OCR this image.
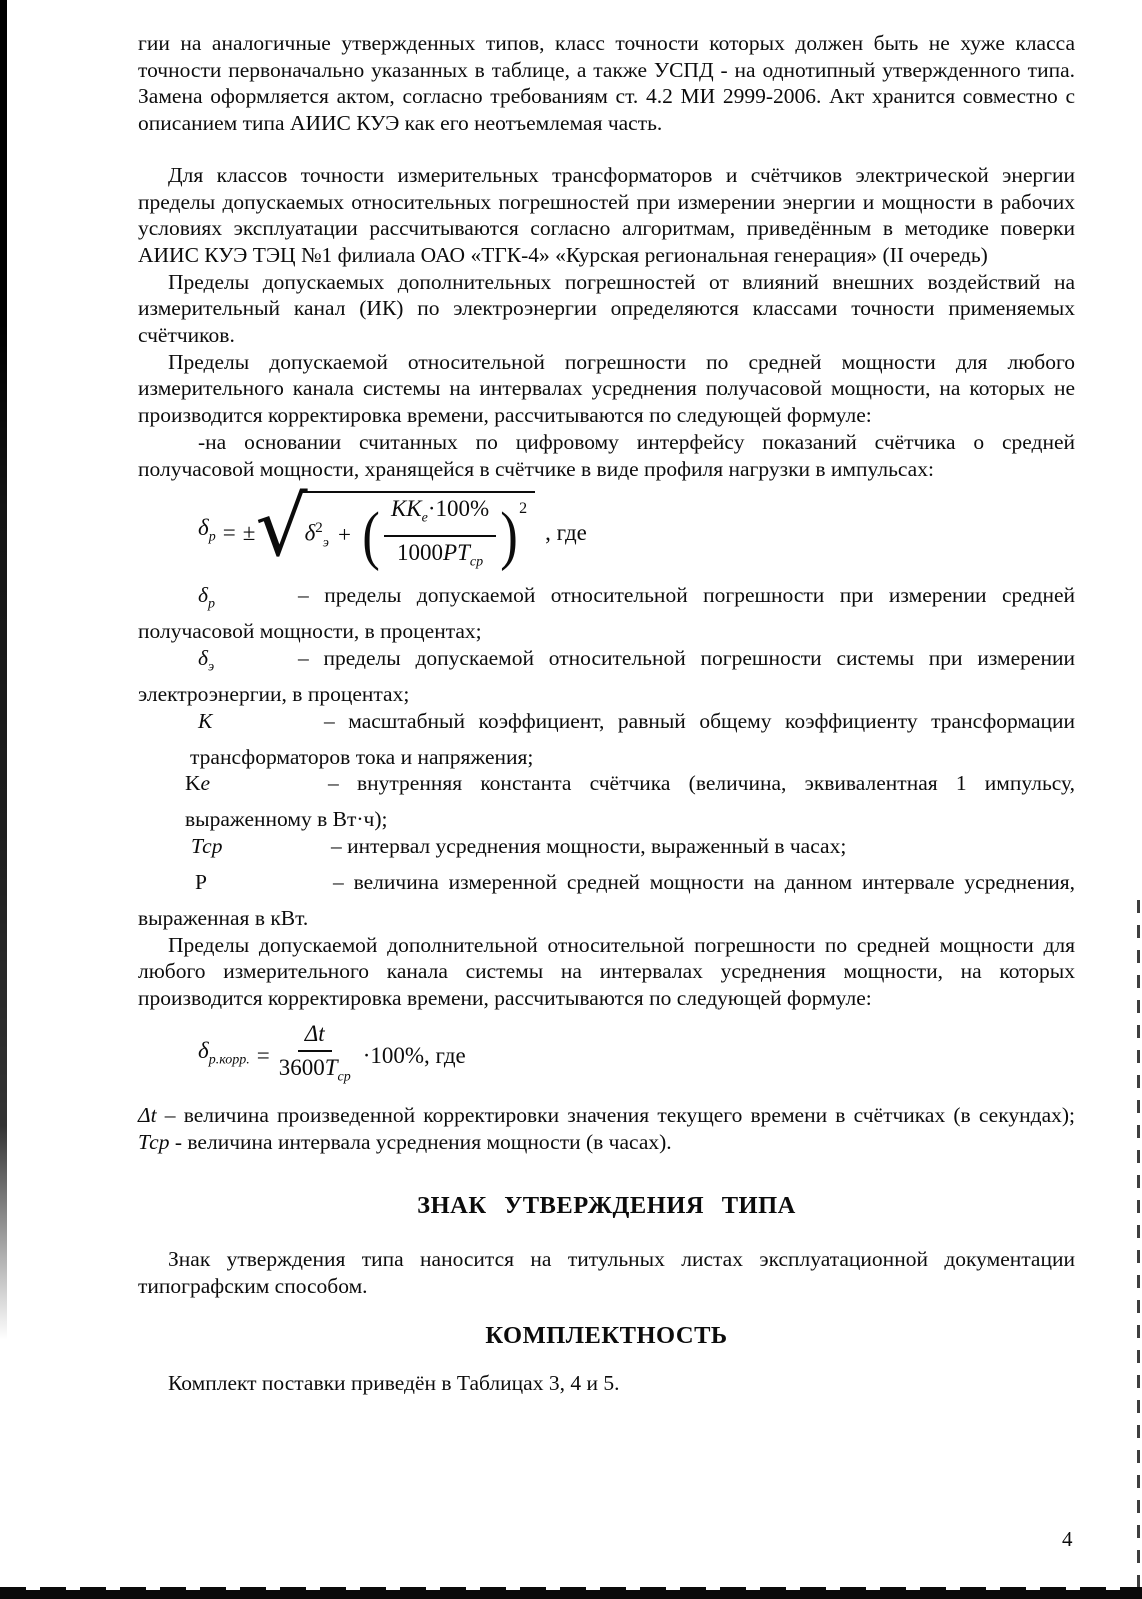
гии на аналогичные утвержденных типов, класс точности которых должен быть не хуже класса точности первоначально указанных в таблице, а также УСПД - на однотипный утвержденного типа. Замена оформляется актом, согласно требованиям ст. 4.2 МИ 2999-2006. Акт хранится совместно с описанием типа АИИС КУЭ как его неотъемлемая часть.

Для классов точности измерительных трансформаторов и счётчиков электрической энергии пределы допускаемых относительных погрешностей при измерении энергии и мощности в рабочих условиях эксплуатации рассчитываются согласно алгоритмам, приведённым в методике поверки АИИС КУЭ ТЭЦ №1 филиала ОАО «ТГК-4» «Курская региональная генерация» (II очередь)

Пределы допускаемых дополнительных погрешностей от влияний внешних воздействий на измерительный канал (ИК) по электроэнергии определяются классами точности применяемых счётчиков.

Пределы допускаемой относительной погрешности по средней мощности для любого измерительного канала системы на интервалах усреднения получасовой мощности, на которых не производится корректировка времени, рассчитываются по следующей формуле:

-на основании считанных по цифровому интерфейсу показаний счётчика о средней получасовой мощности, хранящейся в счётчике в виде профиля нагрузки в импульсах:

$\delta_p$ = ± √
$\delta^2_э$ + ( $\frac{KK_e\cdot 100\%}{1000PT_{ср}} )^2$
, где

$\delta_p$	– пределы допускаемой относительной погрешности при измерении средней получасовой мощности, в процентах;

$\delta_э$	– пределы допускаемой относительной погрешности системы при измерении электроэнергии, в процентах;

К	– масштабный коэффициент, равный общему коэффициенту трансформации трансформаторов тока и напряжения;

Kе	– внутренняя константа счётчика (величина, эквивалентная 1 импульсу, выраженному в Вт·ч);

Тср	– интервал усреднения мощности, выраженный в часах;

Р	– величина измеренной средней мощности на данном интервале усреднения, выраженная в кВт.

Пределы допускаемой дополнительной относительной погрешности по средней мощности для любого измерительного канала системы на интервалах усреднения мощности, на которых производится корректировка времени, рассчитываются по следующей формуле:

$\delta_{р.корр.} = \frac{\Delta t}{3600Т_{ср}} \cdot 100\%$, где

Δt – величина произведенной корректировки значения текущего времени в счётчиках (в секундах); Тср - величина интервала усреднения мощности (в часах).

ЗНАК УТВЕРЖДЕНИЯ ТИПА

Знак утверждения типа наносится на титульных листах эксплуатационной документации типографским способом.

КОМПЛЕКТНОСТЬ

Комплект поставки приведён в Таблицах 3, 4 и 5.

4
